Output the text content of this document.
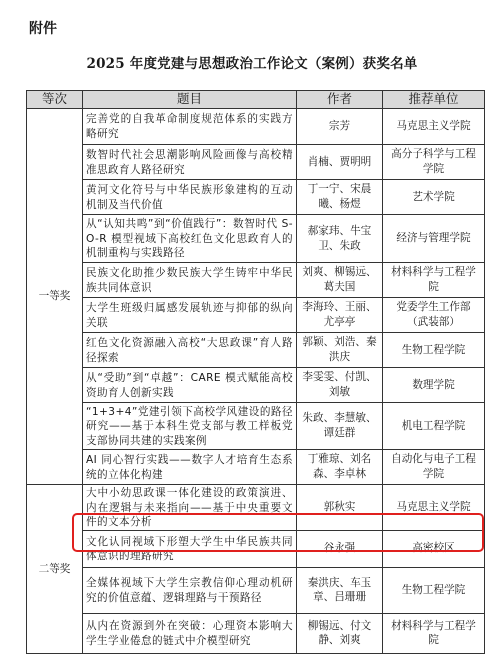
附件
2025 年度党建与思想政治工作论文（案例）获奖名单
等次	题目	作者	推荐单位
一等奖	完善党的自我革命制度规范体系的实践方略研究	宗芳	马克思主义学院
	数智时代社会思潮影响风险画像与高校精准思政育人路径研究	肖楠、贾明明	高分子科学与工程学院
	黄河文化符号与中华民族形象建构的互动机制及当代价值	丁一宁、宋晨曦、杨煜	艺术学院
	从“认知共鸣”到“价值践行”：数智时代 S-O-R 模型视域下高校红色文化思政育人的机制重构与实践路径	郝家玮、牛宝卫、朱政	经济与管理学院
	民族文化助推少数民族大学生铸牢中华民族共同体意识	刘爽、柳锡远、葛夫国	材料科学与工程学院
	大学生班级归属感发展轨迹与抑郁的纵向关联	李海玲、王丽、尤亭亭	党委学生工作部（武装部）
	红色文化资源融入高校“大思政课”育人路径探索	郭颖、刘浩、秦洪庆	生物工程学院
	从“受助”到“卓越”：CARE 模式赋能高校资助育人创新实践	李雯雯、付凯、刘敏	数理学院
	“1+3+4”党建引领下高校学风建设的路径研究——基于本科生党支部与教工样板党支部协同共建的实践案例	朱政、李慧敏、谭廷群	机电工程学院
	AI 同心智行实践——数字人才培育生态系统的立体化构建	丁雅琼、刘名森、李卓林	自动化与电子工程学院
二等奖	大中小幼思政课一体化建设的政策演进、内在逻辑与未来指向——基于中央重要文件的文本分析	郭秋实	马克思主义学院
	文化认同视域下形塑大学生中华民族共同体意识的理路研究	谷永强	高密校区
	全媒体视域下大学生宗教信仰心理动机研究的价值意蕴、逻辑理路与干预路径	秦洪庆、车玉章、吕珊珊	生物工程学院
	从内在资源到外在突破：心理资本影响大学生学业倦怠的链式中介模型研究	柳锡远、付文静、刘爽	材料科学与工程学院
